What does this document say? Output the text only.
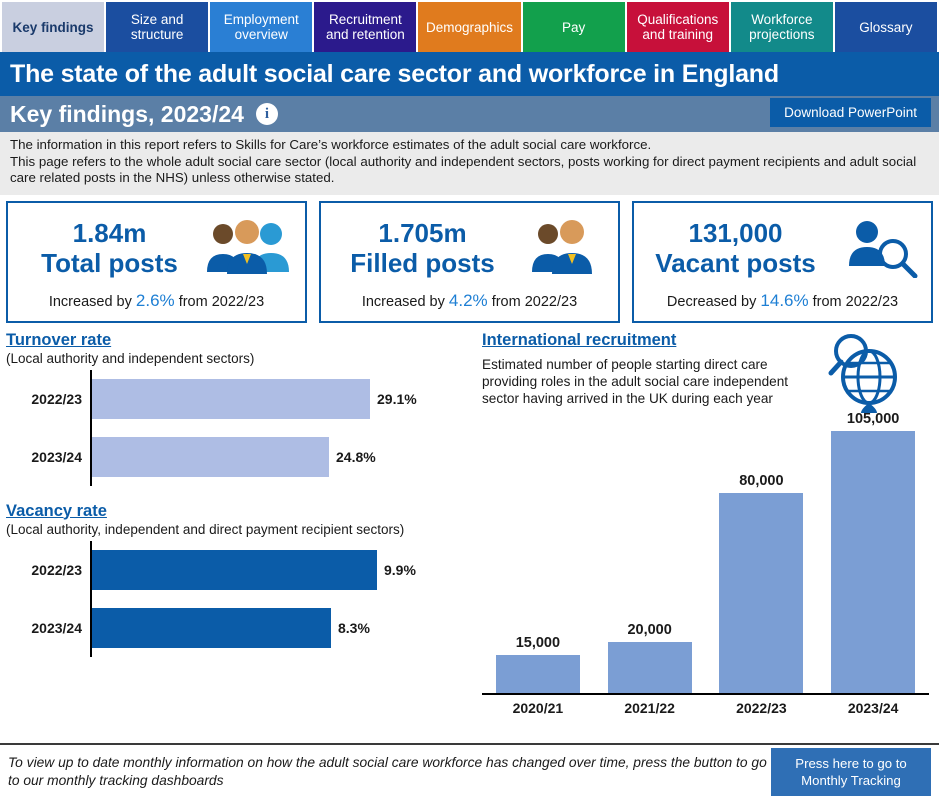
Key findings	Size and structure
Employment overview
Recruitment and retention	Demographics	Pay	Qualifications and training
Workforce projections	Glossary
The state of the adult social care sector and workforce in England
Key findings, 2023/24	i	Download PowerPoint
The information in this report refers to Skills for Care’s workforce estimates of the adult social care workforce.
This page refers to the whole adult social care sector (local authority and independent sectors, posts working for direct payment recipients and adult social care related posts in the NHS) unless otherwise stated.
1.84m
Total posts
Increased by 2.6% from 2022/23
1.705m
Filled posts
Increased by 4.2% from 2022/23
131,000
Vacant posts
Decreased by 14.6% from 2022/23
Turnover rate
(Local authority and independent sectors)
2022/23	29.1%
2023/24	24.8%
Vacancy rate
(Local authority, independent and direct payment recipient sectors)
2022/23	9.9%
2023/24	8.3%
International recruitment
Estimated number of people starting direct care providing roles in the adult social care independent sector having arrived in the UK during each year
15,000
20,000
80,000
105,000
2020/21	2021/22	2022/23	2023/24
To view up to date monthly information on how the adult social care workforce has changed over time, press the button to go to our monthly tracking dashboards
Press here to go to
Monthly Tracking
